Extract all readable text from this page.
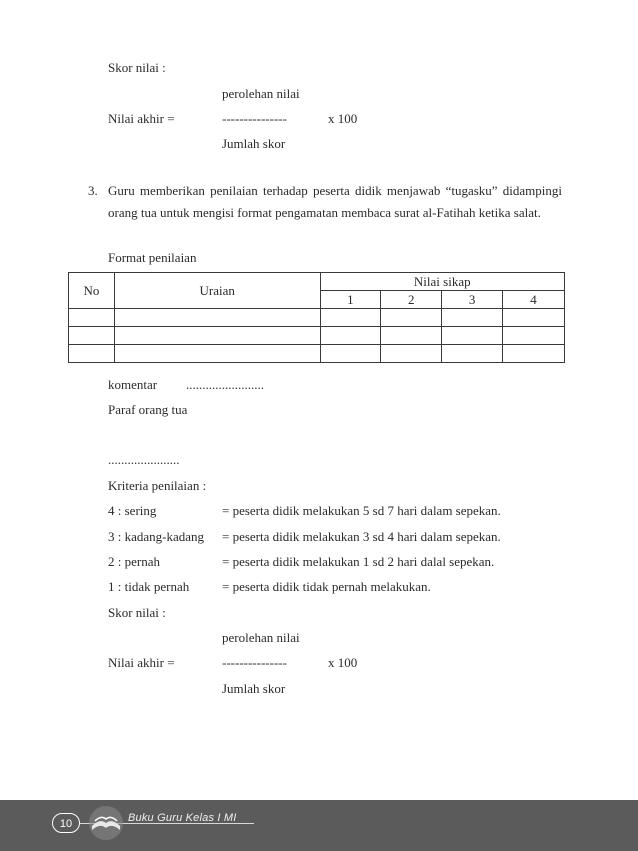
Skor nilai :
perolehan nilai
Nilai akhir =	---------------	x 100
Jumlah skor
3. Guru memberikan penilaian terhadap peserta didik menjawab “tugasku” didampingi orang tua untuk mengisi format pengamatan membaca surat al-Fatihah ketika salat.
Format penilaian
No	Uraian	Nilai sikap			
		1	2	3	4

komentar ........................
Paraf orang tua
......................
Kriteria penilaian :
4 : sering	= peserta didik melakukan 5 sd 7 hari dalam sepekan.
3 : kadang-kadang = peserta didik melakukan 3 sd 4 hari dalam sepekan.
2 : pernah	= peserta didik melakukan 1 sd 2 hari dalal sepekan.
1 : tidak pernah	= peserta didik tidak pernah melakukan.
Skor nilai :
perolehan nilai
Nilai akhir =	---------------	x 100
Jumlah skor
10	Buku Guru Kelas I MI
